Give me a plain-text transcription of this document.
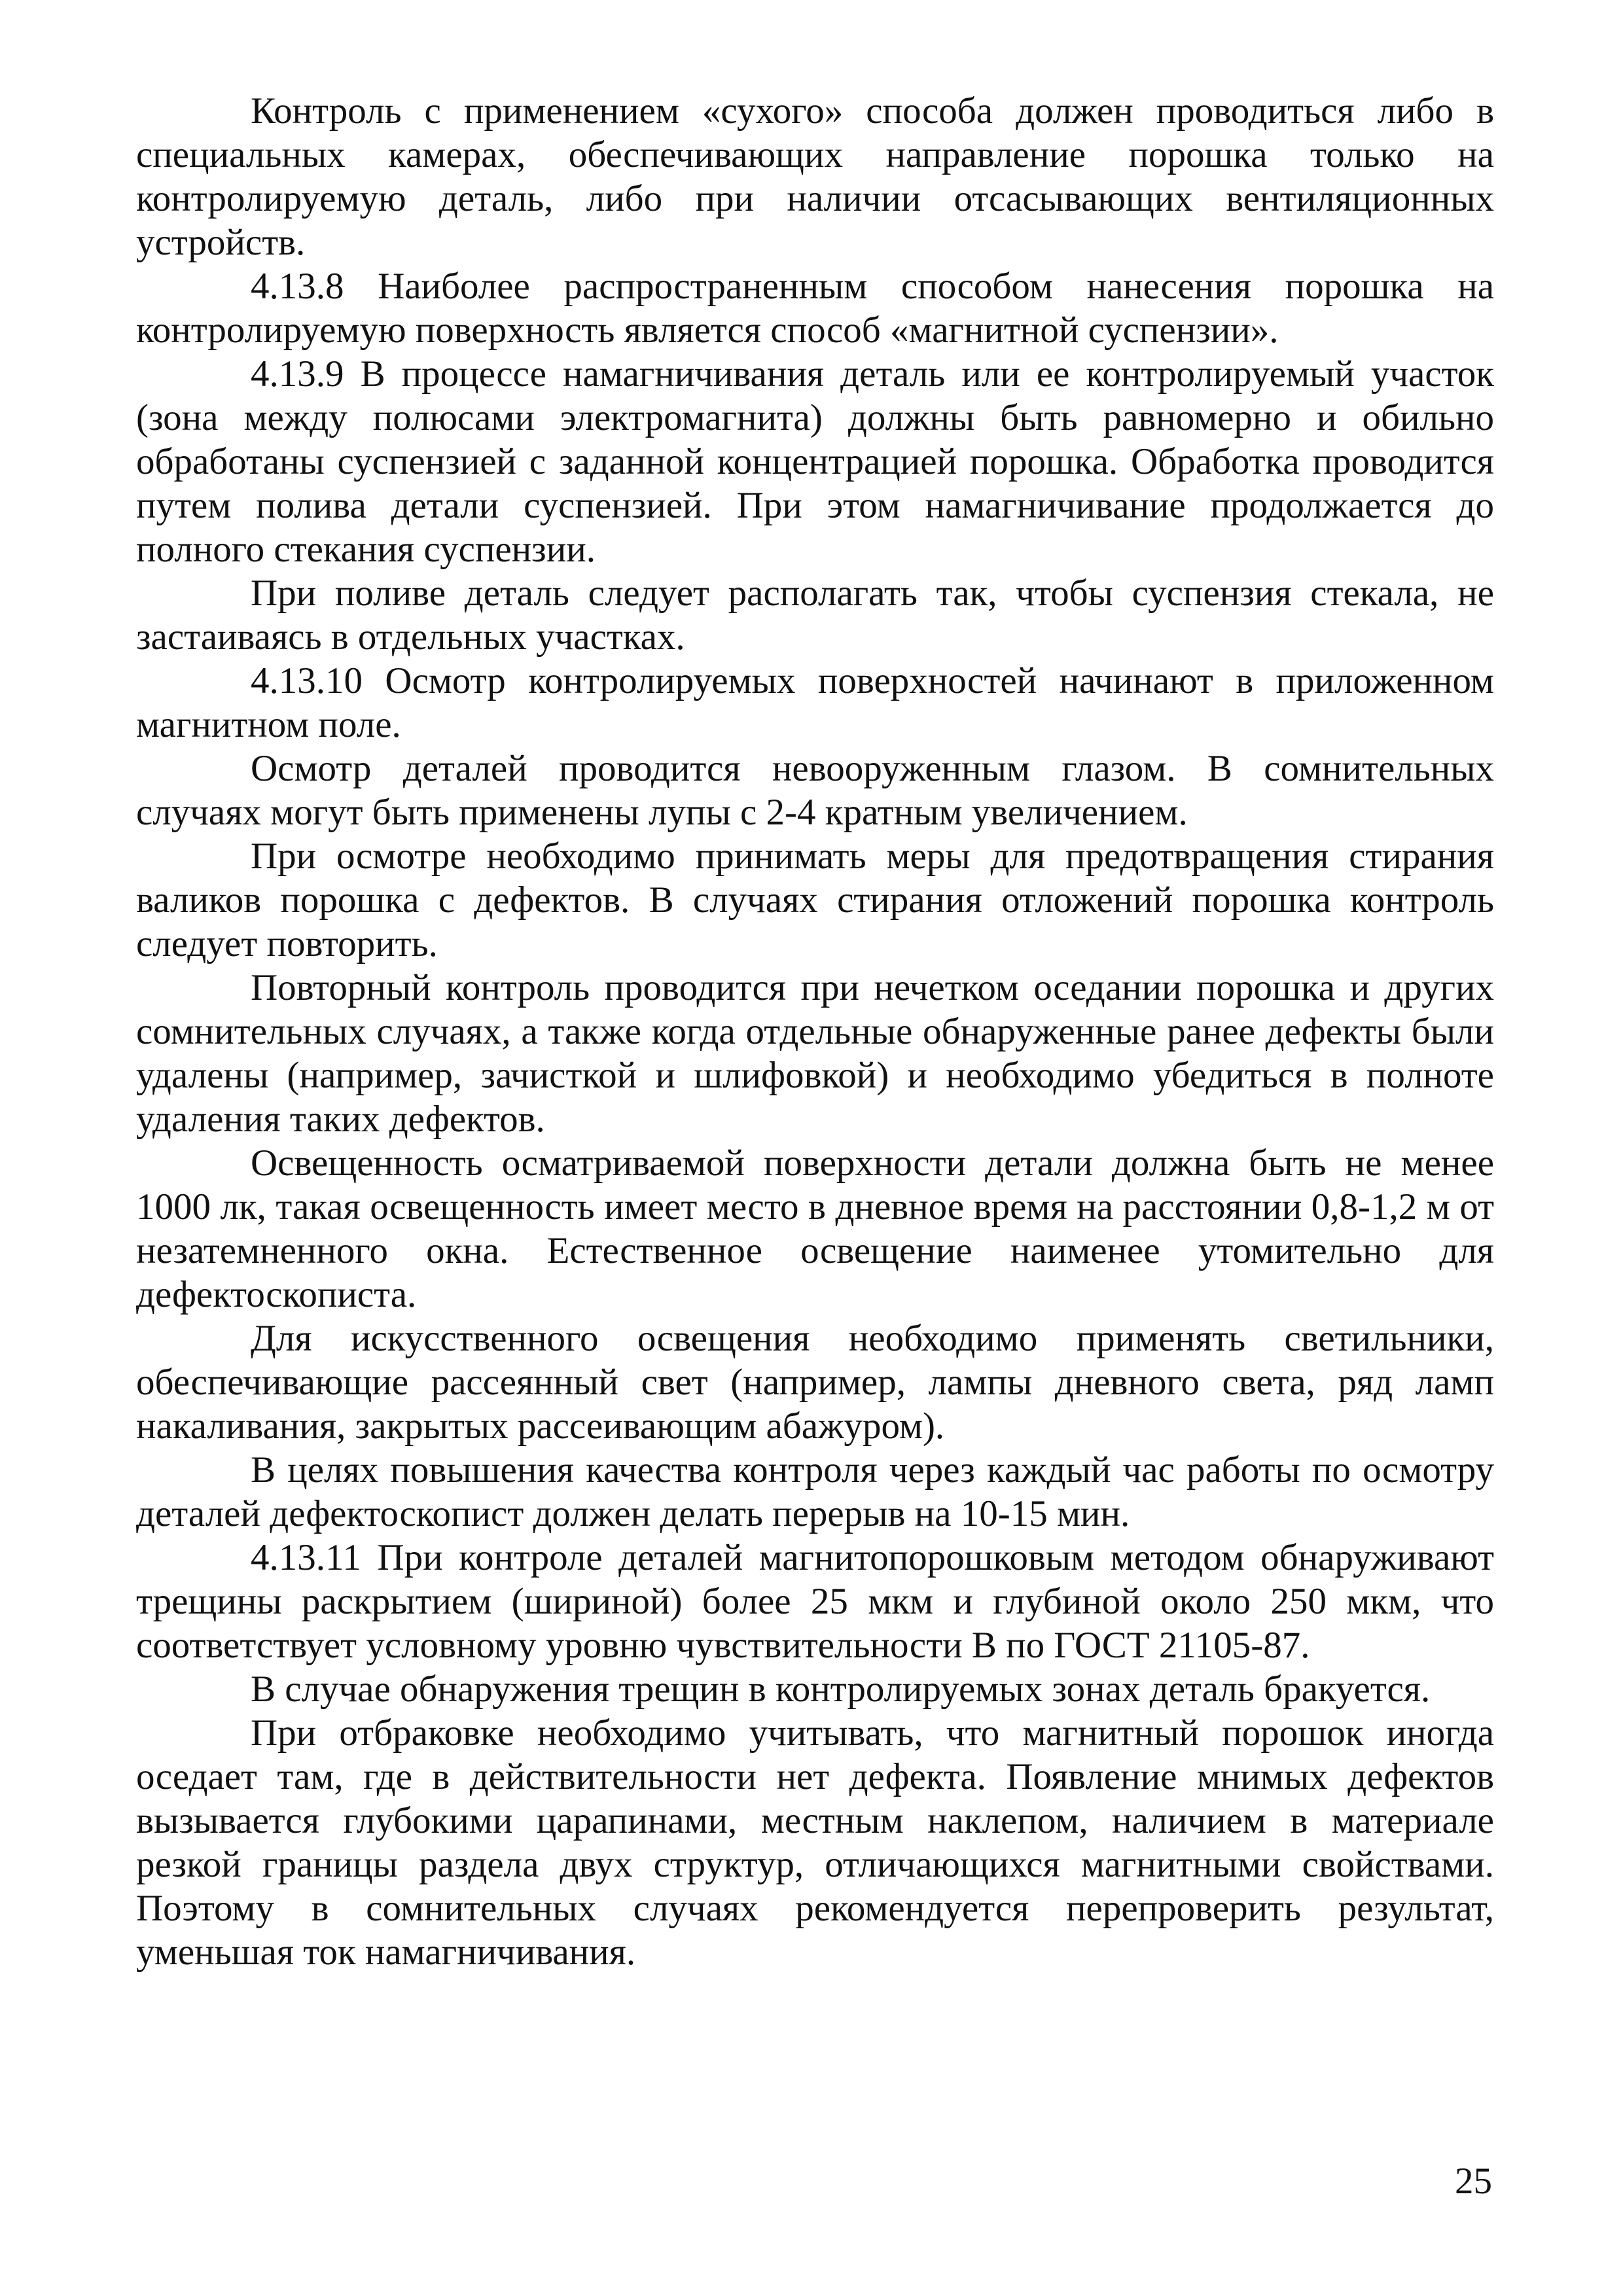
Контроль с применением «сухого» способа должен проводиться либо в специальных камерах, обеспечивающих направление порошка только на контролируемую деталь, либо при наличии отсасывающих вентиляционных устройств.

4.13.8 Наиболее распространенным способом нанесения порошка на контролируемую поверхность является способ «магнитной суспензии».

4.13.9 В процессе намагничивания деталь или ее контролируемый участок (зона между полюсами электромагнита) должны быть равномерно и обильно обработаны суспензией с заданной концентрацией порошка. Обработка проводится путем полива детали суспензией. При этом намагничивание продолжается до полного стекания суспензии.

При поливе деталь следует располагать так, чтобы суспензия стекала, не застаиваясь в отдельных участках.

4.13.10 Осмотр контролируемых поверхностей начинают в приложенном магнитном поле.

Осмотр деталей проводится невооруженным глазом. В сомнительных случаях могут быть применены лупы с 2-4 кратным увеличением.

При осмотре необходимо принимать меры для предотвращения стирания валиков порошка с дефектов. В случаях стирания отложений порошка контроль следует повторить.

Повторный контроль проводится при нечетком оседании порошка и других сомнительных случаях, а также когда отдельные обнаруженные ранее дефекты были удалены (например, зачисткой и шлифовкой) и необходимо убедиться в полноте удаления таких дефектов.

Освещенность осматриваемой поверхности детали должна быть не менее 1000 лк, такая освещенность имеет место в дневное время на расстоянии 0,8-1,2 м от незатемненного окна. Естественное освещение наименее утомительно для дефектоскописта.

Для искусственного освещения необходимо применять светильники, обеспечивающие рассеянный свет (например, лампы дневного света, ряд ламп накаливания, закрытых рассеивающим абажуром).

В целях повышения качества контроля через каждый час работы по осмотру деталей дефектоскопист должен делать перерыв на 10-15 мин.

4.13.11 При контроле деталей магнитопорошковым методом обнаруживают трещины раскрытием (шириной) более 25 мкм и глубиной около 250 мкм, что соответствует условному уровню чувствительности В по ГОСТ 21105-87.

В случае обнаружения трещин в контролируемых зонах деталь бракуется.

При отбраковке необходимо учитывать, что магнитный порошок иногда оседает там, где в действительности нет дефекта. Появление мнимых дефектов вызывается глубокими царапинами, местным наклепом, наличием в материале резкой границы раздела двух структур, отличающихся магнитными свойствами. Поэтому в сомнительных случаях рекомендуется перепроверить результат, уменьшая ток намагничивания.

25
